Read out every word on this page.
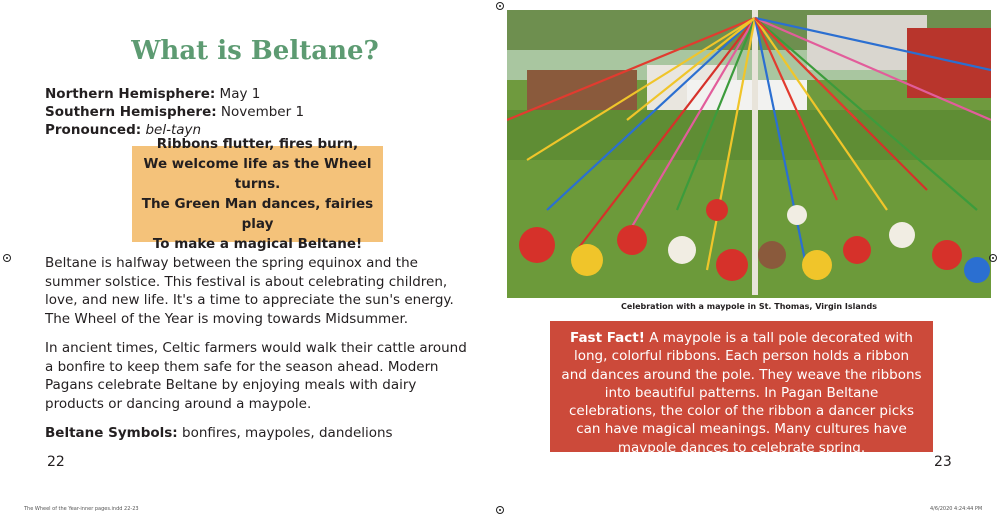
What is Beltane?
Northern Hemisphere: May 1
Southern Hemisphere: November 1
Pronounced: bel-tayn
Ribbons flutter, fires burn,
We welcome life as the Wheel turns.
The Green Man dances, fairies play
To make a magical Beltane!

Beltane is halfway between the spring equinox and the summer solstice. This festival is about celebrating children, love, and new life. It's a time to appreciate the sun's energy. The Wheel of the Year is moving towards Midsummer.

In ancient times, Celtic farmers would walk their cattle around a bonfire to keep them safe for the season ahead. Modern Pagans celebrate Beltane by enjoying meals with dairy products or dancing around a maypole.

Beltane Symbols: bonfires, maypoles, dandelions
22
The Wheel of the Year-inner pages.indd 22-23
Celebration with a maypole in St. Thomas, Virgin Islands
Fast Fact! A maypole is a tall pole decorated with long, colorful ribbons. Each person holds a ribbon and dances around the pole. They weave the ribbons into beautiful patterns. In Pagan Beltane celebrations, the color of the ribbon a dancer picks can have magical meanings. Many cultures have maypole dances to celebrate spring.
23
4/6/2020 4:24:44 PM
